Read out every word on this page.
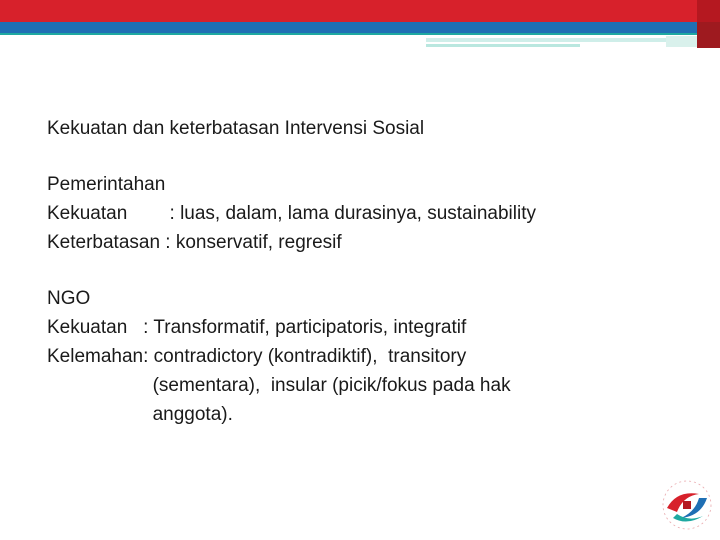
Kekuatan dan keterbatasan Intervensi Sosial
Pemerintahan
Kekuatan        : luas, dalam, lama durasinya, sustainability
Keterbatasan : konservatif, regresif
NGO
Kekuatan   : Transformatif, participatoris, integratif
Kelemahan: contradictory (kontradiktif),  transitory
(sementara),  insular (picik/fokus pada hak
anggota).
